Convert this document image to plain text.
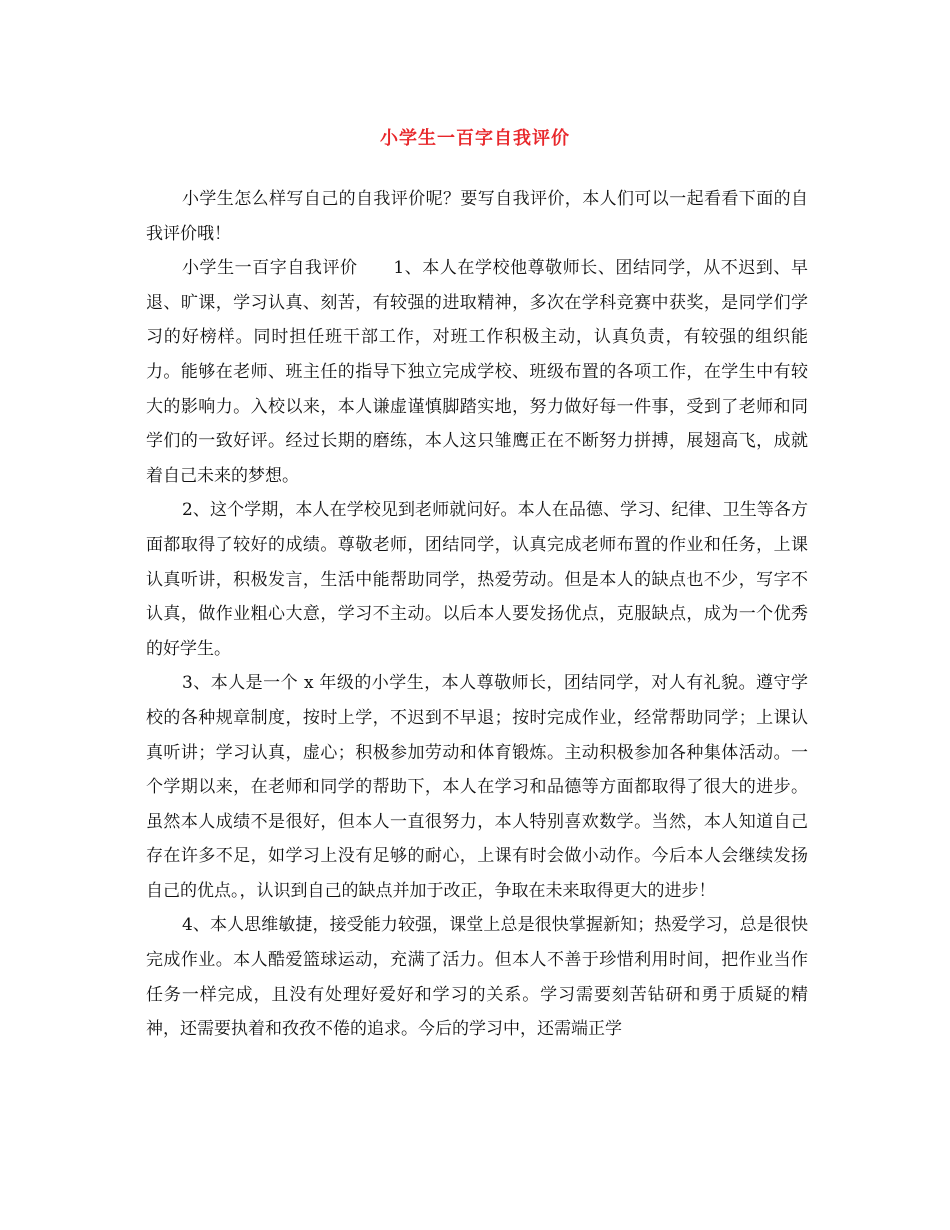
小学生一百字自我评价

小学生怎么样写自己的自我评价呢？要写自我评价，本人们可以一起看看下面的自我评价哦！

小学生一百字自我评价      1、本人在学校他尊敬师长、团结同学，从不迟到、早退、旷课，学习认真、刻苦，有较强的进取精神，多次在学科竞赛中获奖，是同学们学习的好榜样。同时担任班干部工作，对班工作积极主动，认真负责，有较强的组织能力。能够在老师、班主任的指导下独立完成学校、班级布置的各项工作，在学生中有较大的影响力。入校以来，本人谦虚谨慎脚踏实地，努力做好每一件事，受到了老师和同学们的一致好评。经过长期的磨练，本人这只雏鹰正在不断努力拼搏，展翅高飞，成就着自己未来的梦想。

2、这个学期，本人在学校见到老师就问好。本人在品德、学习、纪律、卫生等各方面都取得了较好的成绩。尊敬老师，团结同学，认真完成老师布置的作业和任务，上课认真听讲，积极发言，生活中能帮助同学，热爱劳动。但是本人的缺点也不少，写字不认真，做作业粗心大意，学习不主动。以后本人要发扬优点，克服缺点，成为一个优秀的好学生。

3、本人是一个 x 年级的小学生，本人尊敬师长，团结同学，对人有礼貌。遵守学校的各种规章制度，按时上学，不迟到不早退；按时完成作业，经常帮助同学；上课认真听讲；学习认真，虚心；积极参加劳动和体育锻炼。主动积极参加各种集体活动。一个学期以来，在老师和同学的帮助下，本人在学习和品德等方面都取得了很大的进步。虽然本人成绩不是很好，但本人一直很努力，本人特别喜欢数学。当然，本人知道自己存在许多不足，如学习上没有足够的耐心，上课有时会做小动作。今后本人会继续发扬自己的优点。，认识到自己的缺点并加于改正，争取在未来取得更大的进步！

4、本人思维敏捷，接受能力较强，课堂上总是很快掌握新知；热爱学习，总是很快完成作业。本人酷爱篮球运动，充满了活力。但本人不善于珍惜利用时间，把作业当作任务一样完成，且没有处理好爱好和学习的关系。学习需要刻苦钻研和勇于质疑的精神，还需要执着和孜孜不倦的追求。今后的学习中，还需端正学
